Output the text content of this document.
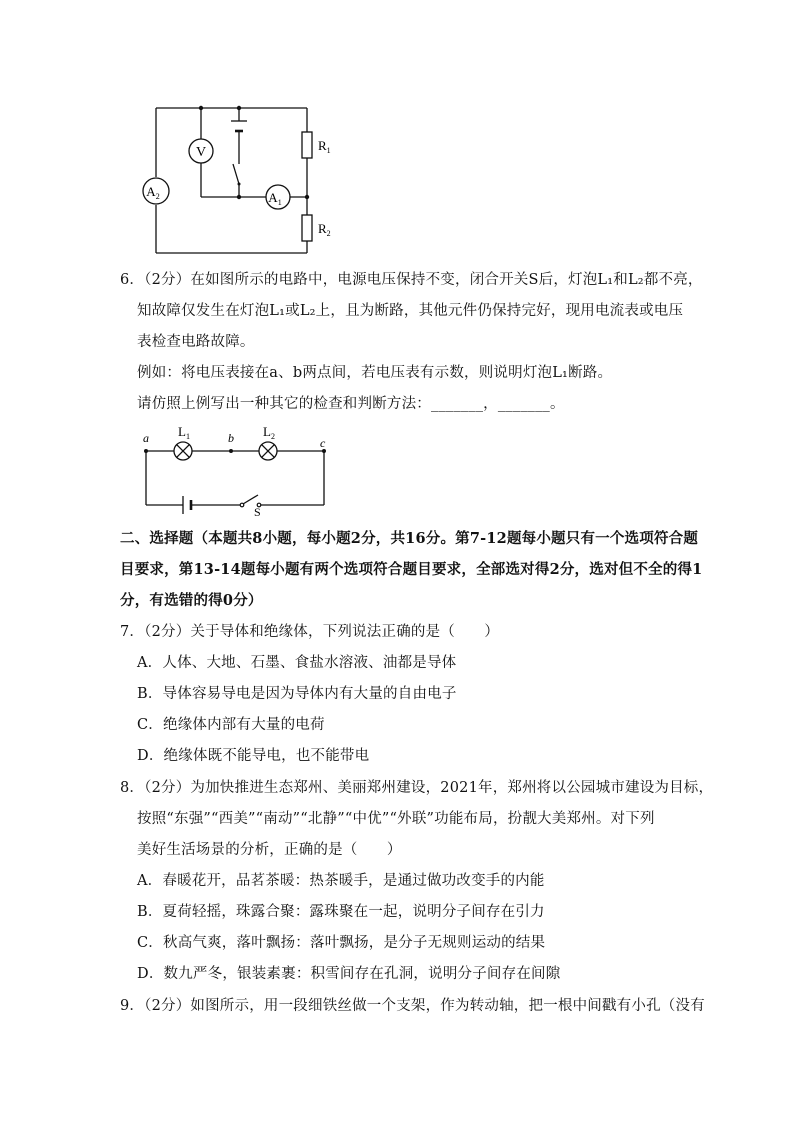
$R_1$
$R_2$
V
$A_1$
$A_2$
6．（2分）在如图所示的电路中，电源电压保持不变，闭合开关S后，灯泡L₁和L₂都不亮，
知故障仅发生在灯泡L₁或L₂上，且为断路，其他元件仍保持完好，现用电流表或电压
表检查电路故障。
例如：将电压表接在a、b两点间，若电压表有示数，则说明灯泡L₁断路。
请仿照上例写出一种其它的检查和判断方法：_______，_______。
a	b	c
$L_1$	$L_2$
S
二、选择题（本题共8小题，每小题2分，共16分。第7-12题每小题只有一个选项符合题
目要求，第13-14题每小题有两个选项符合题目要求，全部选对得2分，选对但不全的得1
分，有选错的得0分）
7．（2分）关于导体和绝缘体，下列说法正确的是（　　）
A．人体、大地、石墨、食盐水溶液、油都是导体
B．导体容易导电是因为导体内有大量的自由电子
C．绝缘体内部有大量的电荷
D．绝缘体既不能导电，也不能带电
8．（2分）为加快推进生态郑州、美丽郑州建设，2021年，郑州将以公园城市建设为目标，
按照“东强”“西美”“南动”“北静”“中优”“外联”功能布局，扮靓大美郑州。对下列
美好生活场景的分析，正确的是（　　）
A．春暖花开，品茗茶暖：热茶暖手，是通过做功改变手的内能
B．夏荷轻摇，珠露合聚：露珠聚在一起，说明分子间存在引力
C．秋高气爽，落叶飘扬：落叶飘扬，是分子无规则运动的结果
D．数九严冬，银装素裹：积雪间存在孔洞，说明分子间存在间隙
9．（2分）如图所示，用一段细铁丝做一个支架，作为转动轴，把一根中间戳有小孔（没有
